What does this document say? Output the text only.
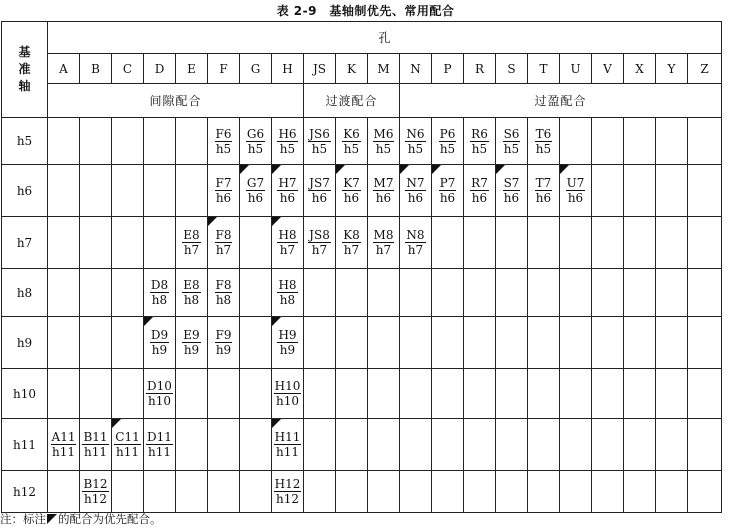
表 2-9　基轴制优先、常用配合
基准轴	孔																				
	A	B	C	D	E	F	G	H	JS	K	M	N	P	R	S	T	U	V	X	Y	Z
	间隙配合								过渡配合			过盈配合									
h5						$\frac{F6}{h5}$	$\frac{G6}{h5}$	$\frac{H6}{h5}$	$\frac{JS6}{h5}$	$\frac{K6}{h5}$	$\frac{M6}{h5}$	$\frac{N6}{h5}$	$\frac{P6}{h5}$	$\frac{R6}{h5}$	$\frac{S6}{h5}$	$\frac{T6}{h5}$

h6						$\frac{F7}{h6}$	$\frac{G7}{h6}$	$\frac{H7}{h6}$	$\frac{JS7}{h6}$	$\frac{K7}{h6}$	$\frac{M7}{h6}$	$\frac{N7}{h6}$	$\frac{P7}{h6}$	$\frac{R7}{h6}$	$\frac{S7}{h6}$	$\frac{T7}{h6}$	$\frac{U7}{h6}$

h7					$\frac{E8}{h7}$	$\frac{F8}{h7}$		$\frac{H8}{h7}$	$\frac{JS8}{h7}$	$\frac{K8}{h7}$	$\frac{M8}{h7}$	$\frac{N8}{h7}$

h8				$\frac{D8}{h8}$	$\frac{E8}{h8}$	$\frac{F8}{h8}$		$\frac{H8}{h8}$

h9				$\frac{D9}{h9}$	$\frac{E9}{h9}$	$\frac{F9}{h9}$		$\frac{H9}{h9}$

h10				$\frac{D10}{h10}$				$\frac{H10}{h10}$

h11	$\frac{A11}{h11}$	$\frac{B11}{h11}$	$\frac{C11}{h11}$	$\frac{D11}{h11}$				$\frac{H11}{h11}$

h12		$\frac{B12}{h12}$						$\frac{H12}{h12}$

注：标注 的配合为优先配合。
